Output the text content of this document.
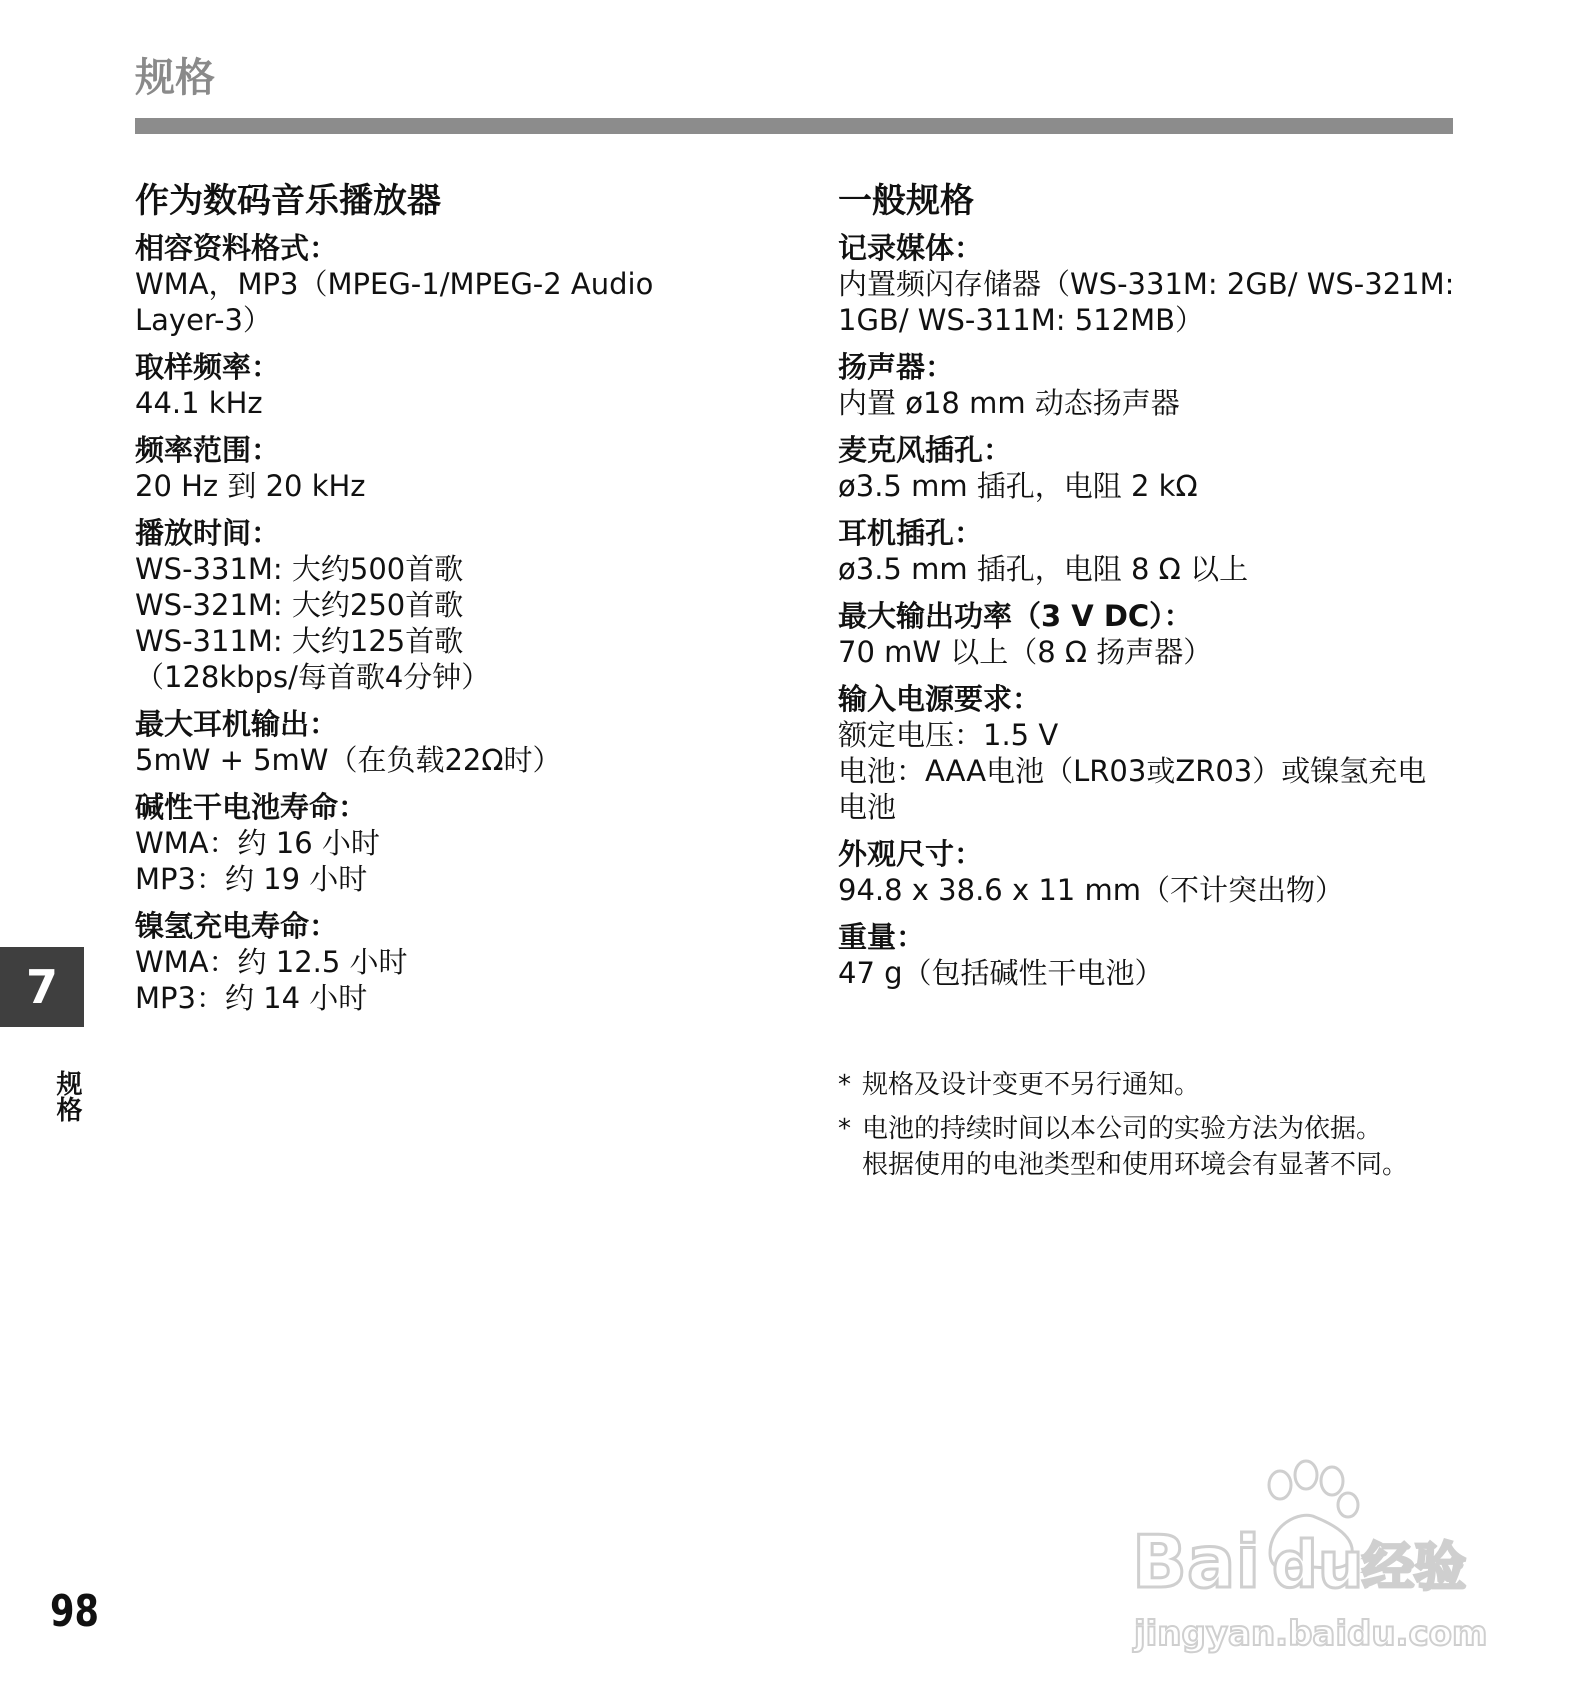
规格
作为数码音乐播放器
相容资料格式：
WMA，MP3（MPEG-1/MPEG-2 Audio
Layer-3）
取样频率：
44.1 kHz
频率范围：
20 Hz 到 20 kHz
播放时间：
WS-331M: 大约500首歌
WS-321M: 大约250首歌
WS-311M: 大约125首歌
（128kbps/每首歌4分钟）
最大耳机输出：
5mW + 5mW（在负载22Ω时）
碱性干电池寿命：
WMA：约 16 小时
MP3：约 19 小时
镍氢充电寿命：
WMA：约 12.5 小时
MP3：约 14 小时
一般规格
记录媒体：
内置频闪存储器（WS-331M: 2GB/ WS-321M:
1GB/ WS-311M: 512MB）
扬声器：
内置 ø18 mm 动态扬声器
麦克风插孔：
ø3.5 mm 插孔，电阻 2 kΩ
耳机插孔：
ø3.5 mm 插孔，电阻 8 Ω 以上
最大输出功率（3 V DC）：
70 mW 以上（8 Ω 扬声器）
输入电源要求：
额定电压：1.5 V
电池：AAA电池（LR03或ZR03）或镍氢充电
电池
外观尺寸：
94.8 x 38.6 x 11 mm（不计突出物）
重量：
47 g（包括碱性干电池）
* 规格及设计变更不另行通知。
* 电池的持续时间以本公司的实验方法为依据。
根据使用的电池类型和使用环境会有显著不同。
7
规格
98
Bai du
经验
jingyan.baidu.com
